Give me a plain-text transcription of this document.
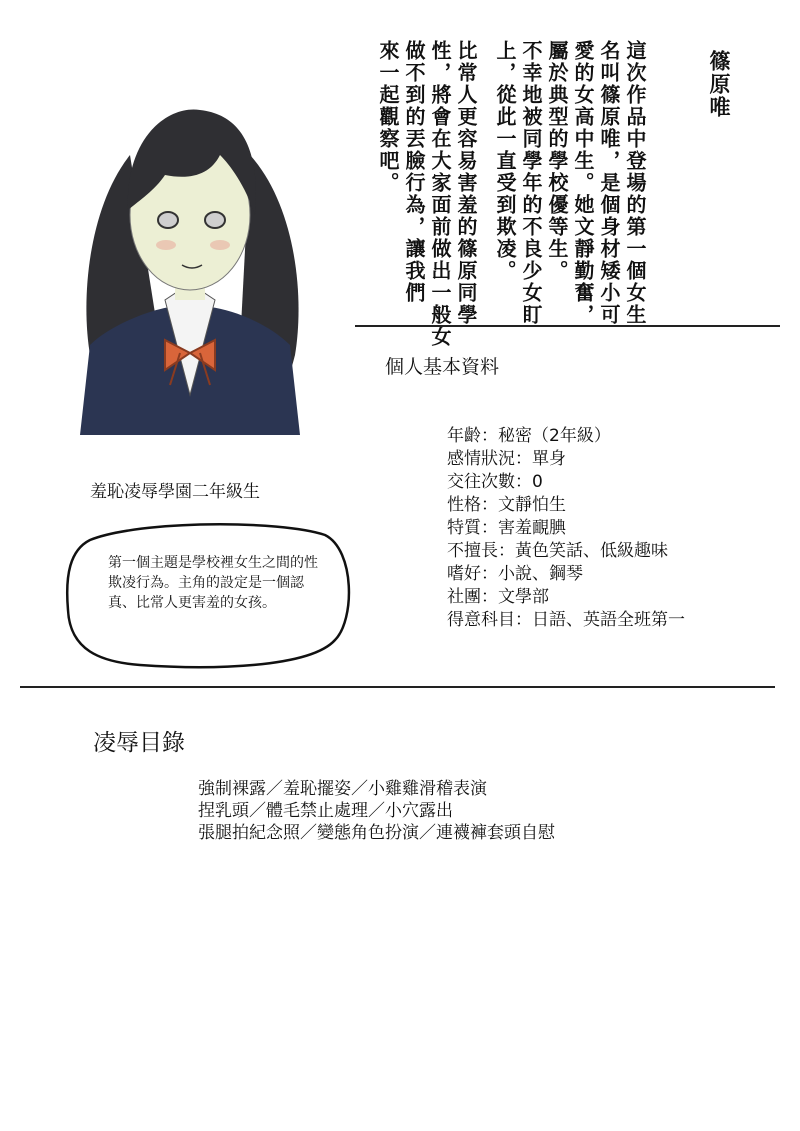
篠原唯
這次作品中登場的第一個女生
名叫篠原唯，是個身材矮小可
愛的女高中生。她文靜勤奮，
屬於典型的學校優等生。
不幸地被同學年的不良少女盯
上，從此一直受到欺凌。
比常人更容易害羞的篠原同學
性，將會在大家面前做出一般女
做不到的丟臉行為，讓我們
來一起觀察吧。
個人基本資料
年齡：秘密（2年級）
感情狀況：單身
交往次數：0
性格：文靜怕生
特質：害羞靦腆
不擅長：黃色笑話、低級趣味
嗜好：小說、鋼琴
社團：文學部
得意科目：日語、英語全班第一
羞恥凌辱學園二年級生
第一個主題是學校裡女生之間的性欺凌行為。主角的設定是一個認真、比常人更害羞的女孩。
凌辱目錄
強制裸露／羞恥擺姿／小雞雞滑稽表演
捏乳頭／體毛禁止處理／小穴露出
張腿拍紀念照／變態角色扮演／連襪褲套頭自慰
